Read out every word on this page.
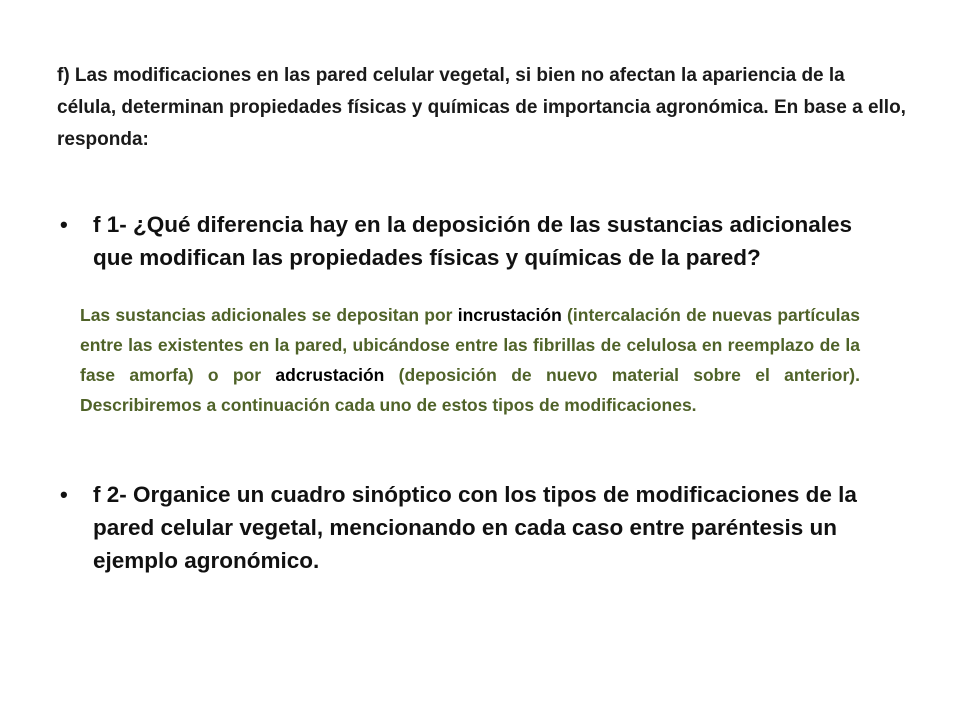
f) Las modificaciones en las pared celular vegetal, si bien no afectan la apariencia de la célula, determinan propiedades físicas y químicas de importancia agronómica. En base a ello, responda:

• f 1- ¿Qué diferencia hay en la deposición de las sustancias adicionales que modifican las propiedades físicas y químicas de la pared?

Las sustancias adicionales se depositan por incrustación (intercalación de nuevas partículas entre las existentes en la pared, ubicándose entre las fibrillas de celulosa en reemplazo de la fase amorfa) o por adcrustación (deposición de nuevo material sobre el anterior). Describiremos a continuación cada uno de estos tipos de modificaciones.

• f 2- Organice un cuadro sinóptico con los tipos de modificaciones de la pared celular vegetal, mencionando en cada caso entre paréntesis un ejemplo agronómico.
